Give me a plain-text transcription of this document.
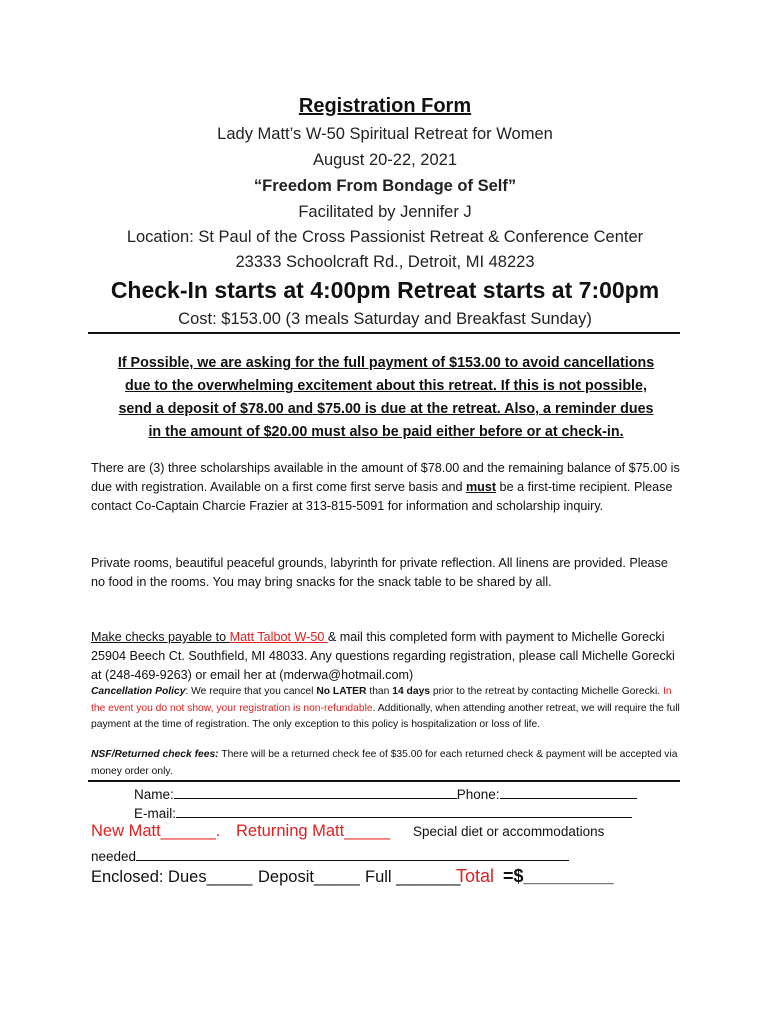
Registration Form
Lady Matt’s W-50 Spiritual Retreat for Women
August 20-22, 2021
“Freedom From Bondage of Self”
Facilitated by Jennifer J
Location: St Paul of the Cross Passionist Retreat & Conference Center
23333 Schoolcraft Rd., Detroit, MI 48223
Check-In starts at 4:00pm Retreat starts at 7:00pm
Cost: $153.00 (3 meals Saturday and Breakfast Sunday)
If Possible, we are asking for the full payment of $153.00 to avoid cancellations
due to the overwhelming excitement about this retreat. If this is not possible,
send a deposit of $78.00 and $75.00 is due at the retreat. Also, a reminder dues
in the amount of $20.00 must also be paid either before or at check-in.
There are (3) three scholarships available in the amount of $78.00 and the remaining balance of $75.00 is due with registration. Available on a first come first serve basis and must be a first-time recipient. Please contact Co-Captain Charcie Frazier at 313-815-5091 for information and scholarship inquiry.
Private rooms, beautiful peaceful grounds, labyrinth for private reflection. All linens are provided. Please no food in the rooms. You may bring snacks for the snack table to be shared by all.
Make checks payable to Matt Talbot W-50 & mail this completed form with payment to Michelle Gorecki 25904 Beech Ct. Southfield, MI 48033. Any questions regarding registration, please call Michelle Gorecki at (248-469-9263) or email her at (mderwa@hotmail.com)
Cancellation Policy: We require that you cancel No LATER than 14 days prior to the retreat by contacting Michelle Gorecki. In the event you do not show, your registration is non-refundable. Additionally, when attending another retreat, we will require the full payment at the time of registration. The only exception to this policy is hospitalization or loss of life.
NSF/Returned check fees: There will be a returned check fee of $35.00 for each returned check & payment will be accepted via money order only.
Name:	Phone:
E-mail:
New Matt______. Returning Matt_____ Special diet or accommodations
needed
Enclosed: Dues_____ Deposit_____ Full _______
Total =$_________
